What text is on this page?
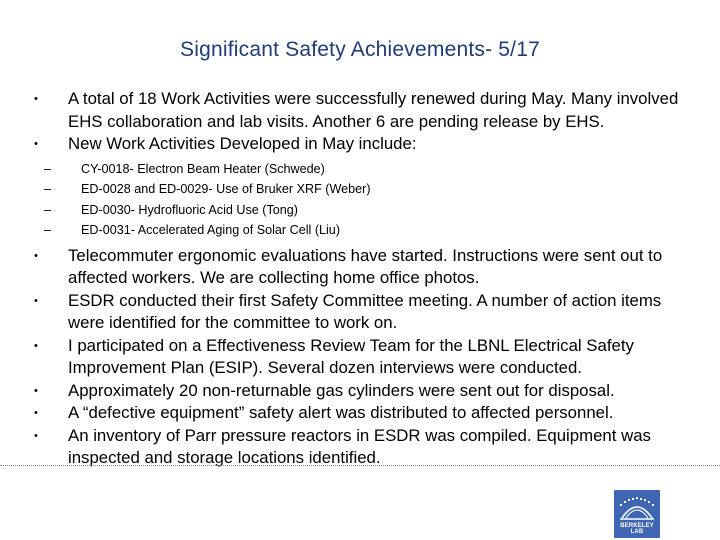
Significant Safety Achievements- 5/17
•	A total of 18 Work Activities were successfully renewed during May. Many involved EHS collaboration and lab visits. Another 6 are pending release by EHS.
•	New Work Activities Developed in May include:
–	CY-0018- Electron Beam Heater (Schwede)
–	ED-0028 and ED-0029- Use of Bruker XRF (Weber)
–	ED-0030- Hydrofluoric Acid Use (Tong)
–	ED-0031- Accelerated Aging of Solar Cell (Liu)
•	Telecommuter ergonomic evaluations have started. Instructions were sent out to affected workers. We are collecting home office photos.
•	ESDR conducted their first Safety Committee meeting. A number of action items were identified for the committee to work on.
•	I participated on a Effectiveness Review Team for the LBNL Electrical Safety Improvement Plan (ESIP). Several dozen interviews were conducted.
•	Approximately 20 non-returnable gas cylinders were sent out for disposal.
•	A “defective equipment” safety alert was distributed to affected personnel.
•	An inventory of Parr pressure reactors in ESDR was compiled. Equipment was inspected and storage locations identified.
BERKELEY LAB
